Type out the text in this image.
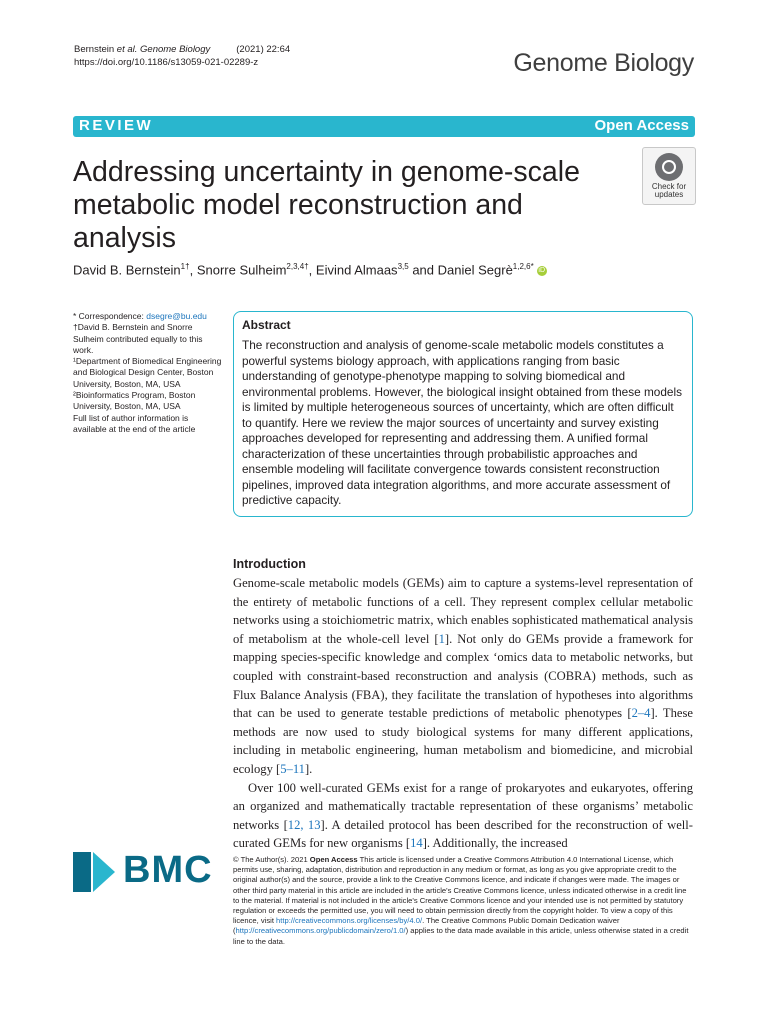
Bernstein et al. Genome Biology	(2021) 22:64
https://doi.org/10.1186/s13059-021-02289-z	Genome Biology
REVIEW	Open Access
Addressing uncertainty in genome-scale metabolic model reconstruction and analysis
Check for
updates
David B. Bernstein$^{1\dagger}$, Snorre Sulheim$^{2,3,4\dagger}$, Eivind Almaas$^{3,5}$ and Daniel Segrè$^{1,2,6*}$ iD

* Correspondence: dsegre@bu.edu

†David B. Bernstein and Snorre Sulheim contributed equally to this work.

¹Department of Biomedical Engineering and Biological Design Center, Boston University, Boston, MA, USA

²Bioinformatics Program, Boston University, Boston, MA, USA

Full list of author information is available at the end of the article

Abstract

The reconstruction and analysis of genome-scale metabolic models constitutes a powerful systems biology approach, with applications ranging from basic understanding of genotype-phenotype mapping to solving biomedical and environmental problems. However, the biological insight obtained from these models is limited by multiple heterogeneous sources of uncertainty, which are often difficult to quantify. Here we review the major sources of uncertainty and survey existing approaches developed for representing and addressing them. A unified formal characterization of these uncertainties through probabilistic approaches and ensemble modeling will facilitate convergence towards consistent reconstruction pipelines, improved data integration algorithms, and more accurate assessment of predictive capacity.

Introduction

Genome-scale metabolic models (GEMs) aim to capture a systems-level representation of the entirety of metabolic functions of a cell. They represent complex cellular metabolic networks using a stoichiometric matrix, which enables sophisticated mathematical analysis of metabolism at the whole-cell level [1]. Not only do GEMs provide a framework for mapping species-specific knowledge and complex ‘omics data to metabolic networks, but coupled with constraint-based reconstruction and analysis (COBRA) methods, such as Flux Balance Analysis (FBA), they facilitate the translation of hypotheses into algorithms that can be used to generate testable predictions of metabolic phenotypes [2–4]. These methods are now used to study biological systems for many different applications, including in metabolic engineering, human metabolism and biomedicine, and microbial ecology [5–11].

Over 100 well-curated GEMs exist for a range of prokaryotes and eukaryotes, offering an organized and mathematically tractable representation of these organisms’ metabolic networks [12, 13]. A detailed protocol has been described for the reconstruction of well-curated GEMs for new organisms [14]. Additionally, the increased

BMC	© The Author(s). 2021 Open Access This article is licensed under a Creative Commons Attribution 4.0 International License, which permits use, sharing, adaptation, distribution and reproduction in any medium or format, as long as you give appropriate credit to the original author(s) and the source, provide a link to the Creative Commons licence, and indicate if changes were made. The images or other third party material in this article are included in the article's Creative Commons licence, unless indicated otherwise in a credit line to the material. If material is not included in the article's Creative Commons licence and your intended use is not permitted by statutory regulation or exceeds the permitted use, you will need to obtain permission directly from the copyright holder. To view a copy of this licence, visit http://creativecommons.org/licenses/by/4.0/. The Creative Commons Public Domain Dedication waiver (http://creativecommons.org/publicdomain/zero/1.0/) applies to the data made available in this article, unless otherwise stated in a credit line to the data.
